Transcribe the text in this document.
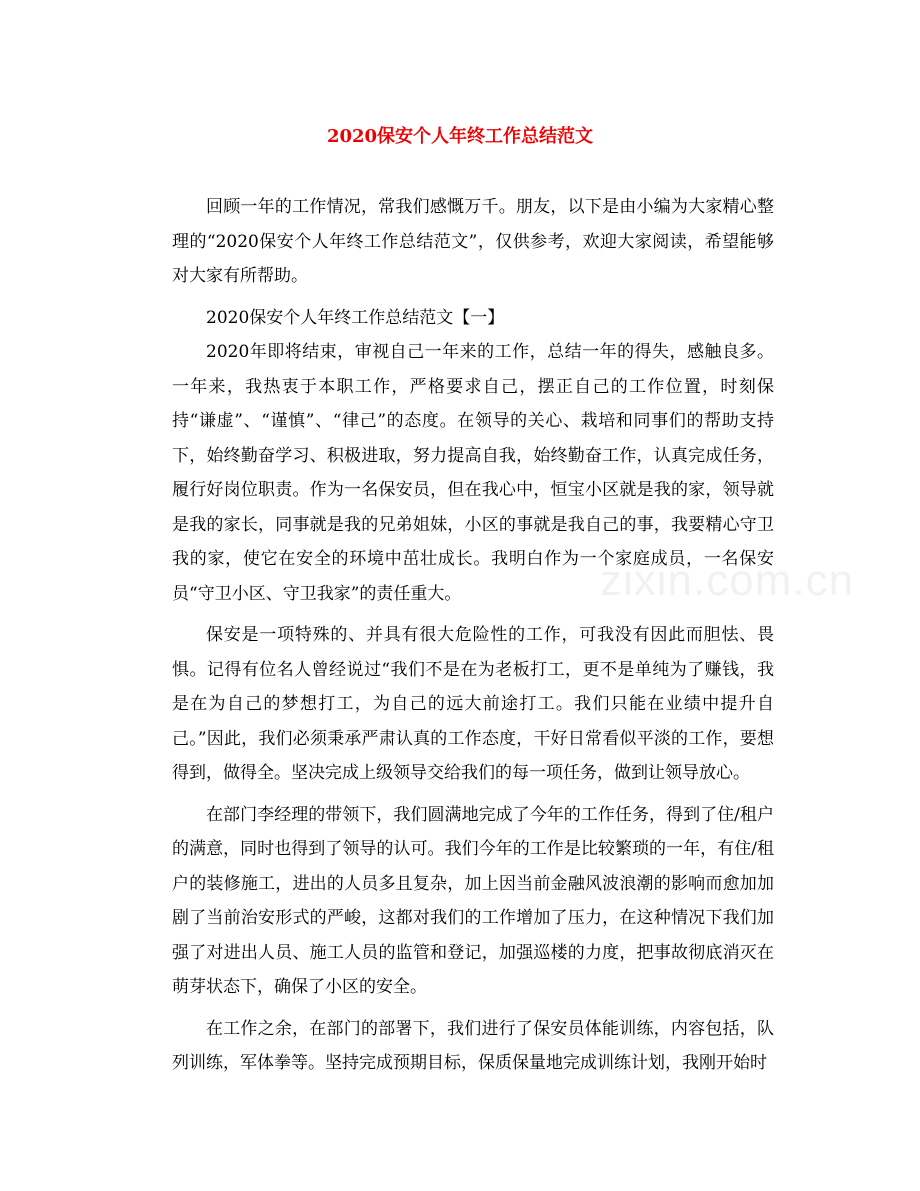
2020保安个人年终工作总结范文

回顾一年的工作情况，常我们感慨万千。朋友，以下是由小编为大家精心整理的“2020保安个人年终工作总结范文”，仅供参考，欢迎大家阅读，希望能够对大家有所帮助。

2020保安个人年终工作总结范文【一】

2020年即将结束，审视自己一年来的工作，总结一年的得失，感触良多。一年来，我热衷于本职工作，严格要求自己，摆正自己的工作位置，时刻保持“谦虚”、“谨慎”、“律己”的态度。在领导的关心、栽培和同事们的帮助支持下，始终勤奋学习、积极进取，努力提高自我，始终勤奋工作，认真完成任务，履行好岗位职责。作为一名保安员，但在我心中，恒宝小区就是我的家，领导就是我的家长，同事就是我的兄弟姐妹，小区的事就是我自己的事，我要精心守卫我的家，使它在安全的环境中茁壮成长。我明白作为一个家庭成员，一名保安员“守卫小区、守卫我家”的责任重大。

保安是一项特殊的、并具有很大危险性的工作，可我没有因此而胆怯、畏惧。记得有位名人曾经说过“我们不是在为老板打工，更不是单纯为了赚钱，我是在为自己的梦想打工，为自己的远大前途打工。我们只能在业绩中提升自己。”因此，我们必须秉承严肃认真的工作态度，干好日常看似平淡的工作，要想得到，做得全。坚决完成上级领导交给我们的每一项任务，做到让领导放心。

在部门李经理的带领下，我们圆满地完成了今年的工作任务，得到了住/租户的满意，同时也得到了领导的认可。我们今年的工作是比较繁琐的一年，有住/租户的装修施工，进出的人员多且复杂，加上因当前金融风波浪潮的影响而愈加加剧了当前治安形式的严峻，这都对我们的工作增加了压力，在这种情况下我们加强了对进出人员、施工人员的监管和登记，加强巡楼的力度，把事故彻底消灭在萌芽状态下，确保了小区的安全。

在工作之余，在部门的部署下，我们进行了保安员体能训练，内容包括，队列训练，军体拳等。坚持完成预期目标，保质保量地完成训练计划，我刚开始时

zixin.com.cn
